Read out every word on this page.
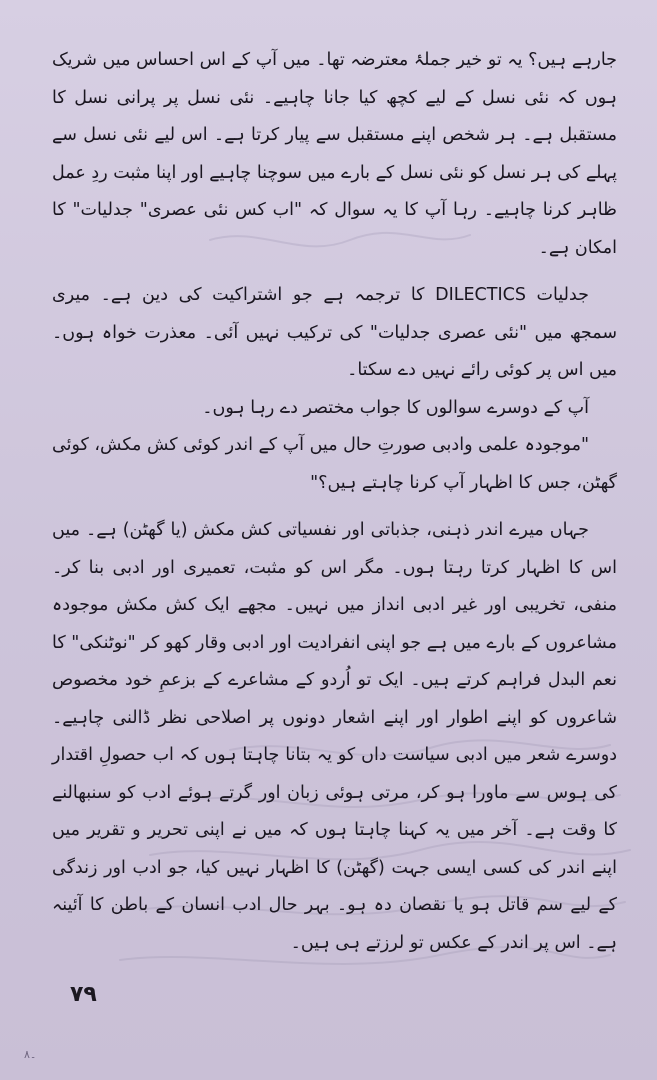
جارہے ہیں؟ یہ تو خیر جملۂ معترضہ تھا۔ میں آپ کے اس احساس میں شریک ہوں کہ نئی نسل کے لیے کچھ کیا جانا چاہیے۔ نئی نسل پر پرانی نسل کا مستقبل ہے۔ ہر شخص اپنے مستقبل سے پیار کرتا ہے۔ اس لیے نئی نسل سے پہلے کی ہر نسل کو نئی نسل کے بارے میں سوچنا چاہیے اور اپنا مثبت ردِ عمل ظاہر کرنا چاہیے۔ رہا آپ کا یہ سوال کہ "اب کس نئی عصری" جدلیات" کا امکان ہے۔

جدلیات DILECTICS کا ترجمہ ہے جو اشتراکیت کی دین ہے۔ میری سمجھ میں "نئی عصری جدلیات" کی ترکیب نہیں آئی۔ معذرت خواہ ہوں۔ میں اس پر کوئی رائے نہیں دے سکتا۔

آپ کے دوسرے سوالوں کا جواب مختصر دے رہا ہوں۔

"موجودہ علمی وادبی صورتِ حال میں آپ کے اندر کوئی کش مکش، کوئی گھٹن، جس کا اظہار آپ کرنا چاہتے ہیں؟"

جہاں میرے اندر ذہنی، جذباتی اور نفسیاتی کش مکش (یا گھٹن) ہے۔ میں اس کا اظہار کرتا رہتا ہوں۔ مگر اس کو مثبت، تعمیری اور ادبی بنا کر۔ منفی، تخریبی اور غیر ادبی انداز میں نہیں۔ مجھے ایک کش مکش موجودہ مشاعروں کے بارے میں ہے جو اپنی انفرادیت اور ادبی وقار کھو کر "نوٹنکی" کا نعم البدل فراہم کرتے ہیں۔ ایک تو اُردو کے مشاعرے کے بزعمِ خود مخصوص شاعروں کو اپنے اطوار اور اپنے اشعار دونوں پر اصلاحی نظر ڈالنی چاہیے۔ دوسرے شعر میں ادبی سیاست داں کو یہ بتانا چاہتا ہوں کہ اب حصولِ اقتدار کی ہوس سے ماورا ہو کر، مرتی ہوئی زبان اور گرتے ہوئے ادب کو سنبھالنے کا وقت ہے۔ آخر میں یہ کہنا چاہتا ہوں کہ میں نے اپنی تحریر و تقریر میں اپنے اندر کی کسی ایسی جہت (گھٹن) کا اظہار نہیں کیا، جو ادب اور زندگی کے لیے سم قاتل ہو یا نقصان دہ ہو۔ بہر حال ادب انسان کے باطن کا آئینہ ہے۔ اس پر اندر کے عکس تو لرزتے ہی ہیں۔

۷۹
۔۸
